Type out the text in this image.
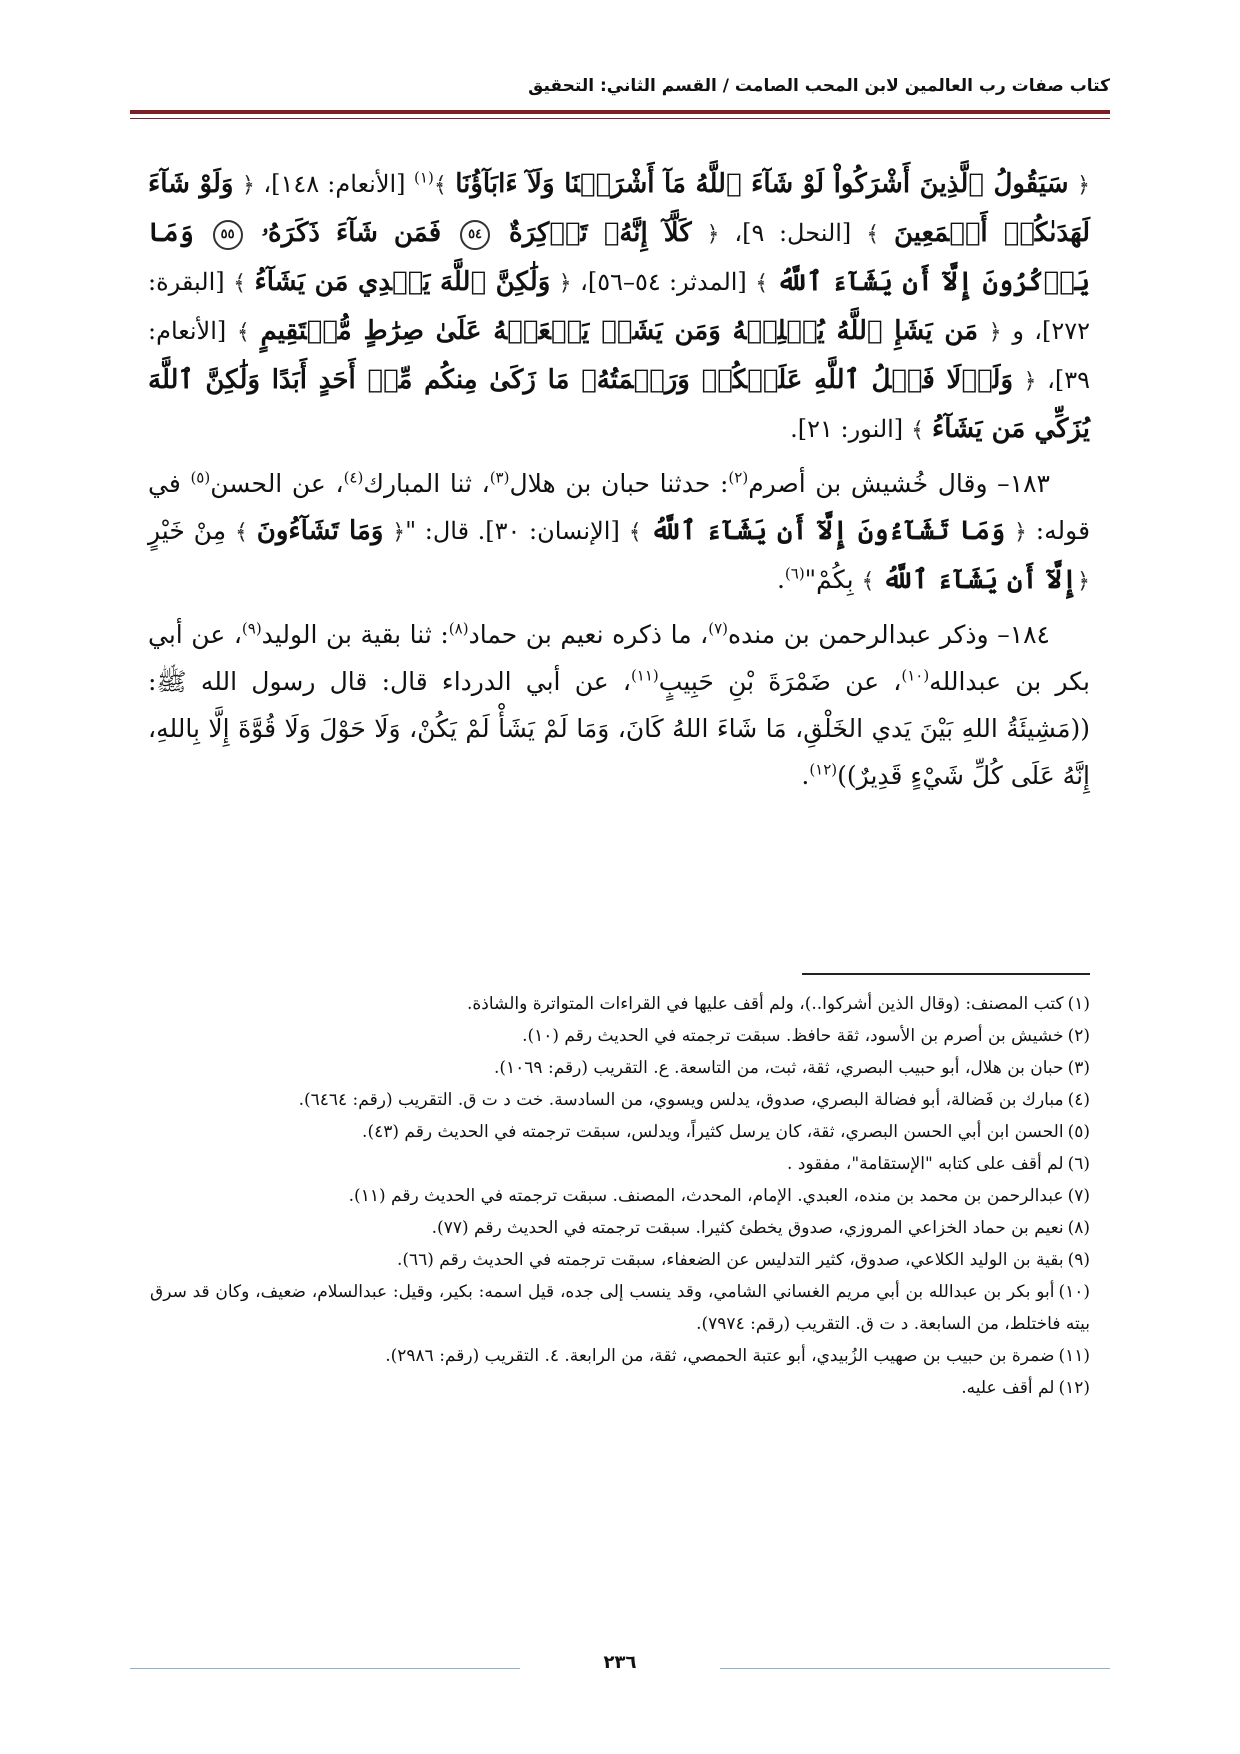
كتاب صفات رب العالمين لابن المحب الصامت / القسم الثاني: التحقيق

﴿ سَيَقُولُ ٱلَّذِينَ أَشْرَكُواْ لَوْ شَآءَ ٱللَّهُ مَآ أَشْرَكۡنَا وَلَآ ءَابَآؤُنَا ﴾$^{(١)}$ [الأنعام: ١٤٨]، ﴿ وَلَوْ شَآءَ لَهَدَىٰكُمۡ أَجۡمَعِينَ ﴾ [النحل: ٩]، ﴿ كَلَّآ إِنَّهُۥ تَذۡكِرَةٌ ٥٤ فَمَن شَآءَ ذَكَرَهُۥ ٥٥ وَمَا يَذۡكُرُونَ إِلَّآ أَن يَشَآءَ ٱللَّهُ ﴾ [المدثر: ٥٤–٥٦]، ﴿ وَلَٰكِنَّ ٱللَّهَ يَهۡدِي مَن يَشَآءُ ﴾ [البقرة: ٢٧٢]، و ﴿ مَن يَشَإِ ٱللَّهُ يُضۡلِلۡهُ وَمَن يَشَأۡ يَجۡعَلۡهُ عَلَىٰ صِرَٰطٍ مُّسۡتَقِيمٍ ﴾ [الأنعام: ٣٩]، ﴿ وَلَوۡلَا فَضۡلُ ٱللَّهِ عَلَيۡكُمۡ وَرَحۡمَتُهُۥ مَا زَكَىٰ مِنكُم مِّنۡ أَحَدٍ أَبَدًا وَلَٰكِنَّ ٱللَّهَ يُزَكِّي مَن يَشَآءُ ﴾ [النور: ٢١].

١٨٣– وقال خُشيش بن أصرم$^{(٢)}$: حدثنا حبان بن هلال$^{(٣)}$، ثنا المبارك$^{(٤)}$، عن الحسن$^{(٥)}$ في قوله: ﴿ وَمَا تَشَآءُونَ إِلَّآ أَن يَشَآءَ ٱللَّهُ ﴾ [الإنسان: ٣٠]. قال: "﴿ وَمَا تَشَآءُونَ ﴾ مِنْ خَيْرٍ ﴿إِلَّآ أَن يَشَآءَ ٱللَّهُ ﴾ بِكُمْ"$^{(٦)}$.

١٨٤– وذكر عبدالرحمن بن منده$^{(٧)}$، ما ذكره نعيم بن حماد$^{(٨)}$: ثنا بقية بن الوليد$^{(٩)}$، عن أبي بكر بن عبدالله$^{(١٠)}$، عن ضَمْرَةَ بْنِ حَبِيبٍ$^{(١١)}$، عن أبي الدرداء قال: قال رسول الله ﷺ: ((مَشِيئَةُ اللهِ بَيْنَ يَدي الخَلْقِ، مَا شَاءَ اللهُ كَانَ، وَمَا لَمْ يَشَأْ لَمْ يَكُنْ، وَلَا حَوْلَ وَلَا قُوَّةَ إِلَّا بِاللهِ، إِنَّهُ عَلَى كُلِّ شَيْءٍ قَدِيرٌ))$^{(١٢)}$.

(١)كتب المصنف: (وقال الذين أشركوا..)، ولم أقف عليها في القراءات المتواترة والشاذة.

(٢)خشيش بن أصرم بن الأسود، ثقة حافظ. سبقت ترجمته في الحديث رقم (١٠).

(٣)حبان بن هلال، أبو حبيب البصري، ثقة، ثبت، من التاسعة. ع. التقريب (رقم: ١٠٦٩).

(٤)مبارك بن فَضالة، أبو فضالة البصري، صدوق، يدلس ويسوي، من السادسة. خت د ت ق. التقريب (رقم: ٦٤٦٤).

(٥)الحسن ابن أبي الحسن البصري، ثقة، كان يرسل كثيراً، ويدلس، سبقت ترجمته في الحديث رقم (٤٣).

(٦)لم أقف على كتابه "الإستقامة"، مفقود .

(٧)عبدالرحمن بن محمد بن منده، العبدي. الإمام، المحدث، المصنف. سبقت ترجمته في الحديث رقم (١١).

(٨)نعيم بن حماد الخزاعي المروزي، صدوق يخطئ كثيرا. سبقت ترجمته في الحديث رقم (٧٧).

(٩)بقية بن الوليد الكلاعي، صدوق، كثير التدليس عن الضعفاء، سبقت ترجمته في الحديث رقم (٦٦).

(١٠)أبو بكر بن عبدالله بن أبي مريم الغساني الشامي، وقد ينسب إلى جده، قيل اسمه: بكير، وقيل: عبدالسلام، ضعيف، وكان قد سرق بيته فاختلط، من السابعة. د ت ق. التقريب (رقم: ٧٩٧٤).

(١١)ضمرة بن حبيب بن صهيب الزُبيدي، أبو عتبة الحمصي، ثقة، من الرابعة. ٤. التقريب (رقم: ٢٩٨٦).

(١٢)لم أقف عليه.

٢٣٦
